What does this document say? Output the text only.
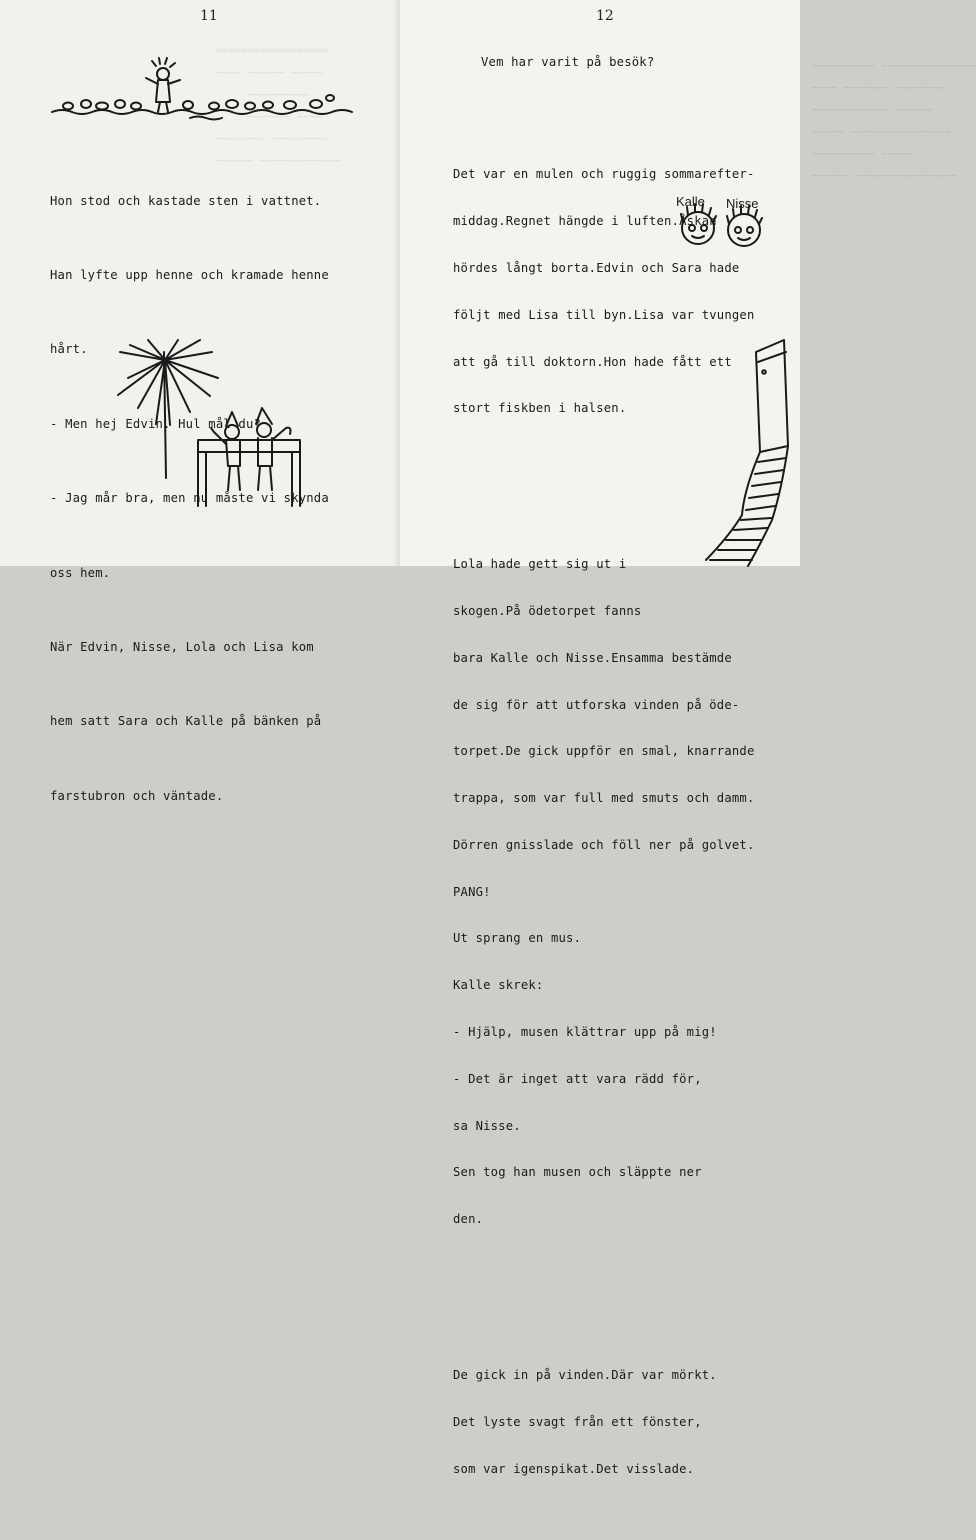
11
≈≈≈≈≈≈≈≈≈≈≈≈≈≈≈≈≈≈
~~~~ ~~~~~~ ~~~~~
~~~~~~~~~~
~~~~~~~ ~~~~
~~~~~~~~ ~~~~~~~~~
~~~~~~ ~~~~~~~~~~~~~

Hon stod och kastade sten i vattnet.

Han lyfte upp henne och kramade henne

hårt.

- Men hej Edvin. Hul mål du?

- Jag mår bra, men nu måste vi skynda

oss hem.

När Edvin, Nisse, Lola och Lisa kom

hem satt Sara och Kalle på bänken på

farstubron och väntade.

12
~~~~~~~~~~ ~~~~~~~~~~~~~~~
~~~~ ~~~~~~~ ~~~~~~~~
~~~~~~~~~~~~ ~~~~~~
~~~~~ ~~~~~~~~~~~~~~~~
~~~~~~~~~~ ~~~~~
~~~~~~ ~~~~~~~~~~~~~~~~
Vem har varit på besök?

Det var en mulen och ruggig sommarefter-

middag.Regnet hängde i luften.Åskan

hördes långt borta.Edvin och Sara hade

följt med Lisa till byn.Lisa var tvungen

att gå till doktorn.Hon hade fått ett

stort fiskben i halsen.

Lola hade gett sig ut i

skogen.På ödetorpet fanns

bara Kalle och Nisse.Ensamma bestämde

de sig för att utforska vinden på öde-

torpet.De gick uppför en smal, knarrande

trappa, som var full med smuts och damm.

Dörren gnisslade och föll ner på golvet.

PANG!

Ut sprang en mus.

Kalle skrek:

- Hjälp, musen klättrar upp på mig!

- Det är inget att vara rädd för,

sa Nisse.

Sen tog han musen och släppte ner

den.

De gick in på vinden.Där var mörkt.

Det lyste svagt från ett fönster,

som var igenspikat.Det visslade.

Kalle Nisse
